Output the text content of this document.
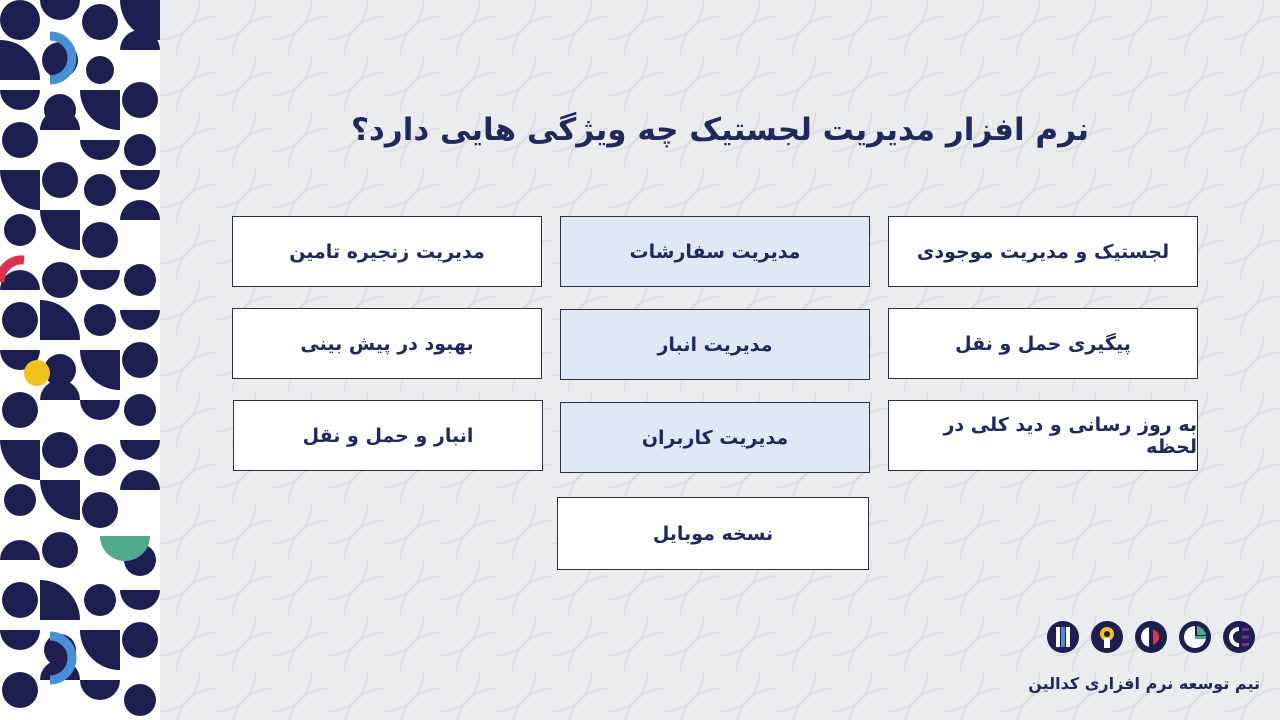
نرم افزار مدیریت لجستیک چه ویژگی هایی دارد؟
لجستیک و مدیریت موجودی
مدیریت سفارشات
مدیریت زنجیره تامین
پیگیری حمل و نقل
مدیریت انبار
بهبود در پیش بینی
به روز رسانی و دید کلی در لحظه
مدیریت کاربران
انبار و حمل و نقل
نسخه موبایل
تیم توسعه نرم افزاری کدالین
